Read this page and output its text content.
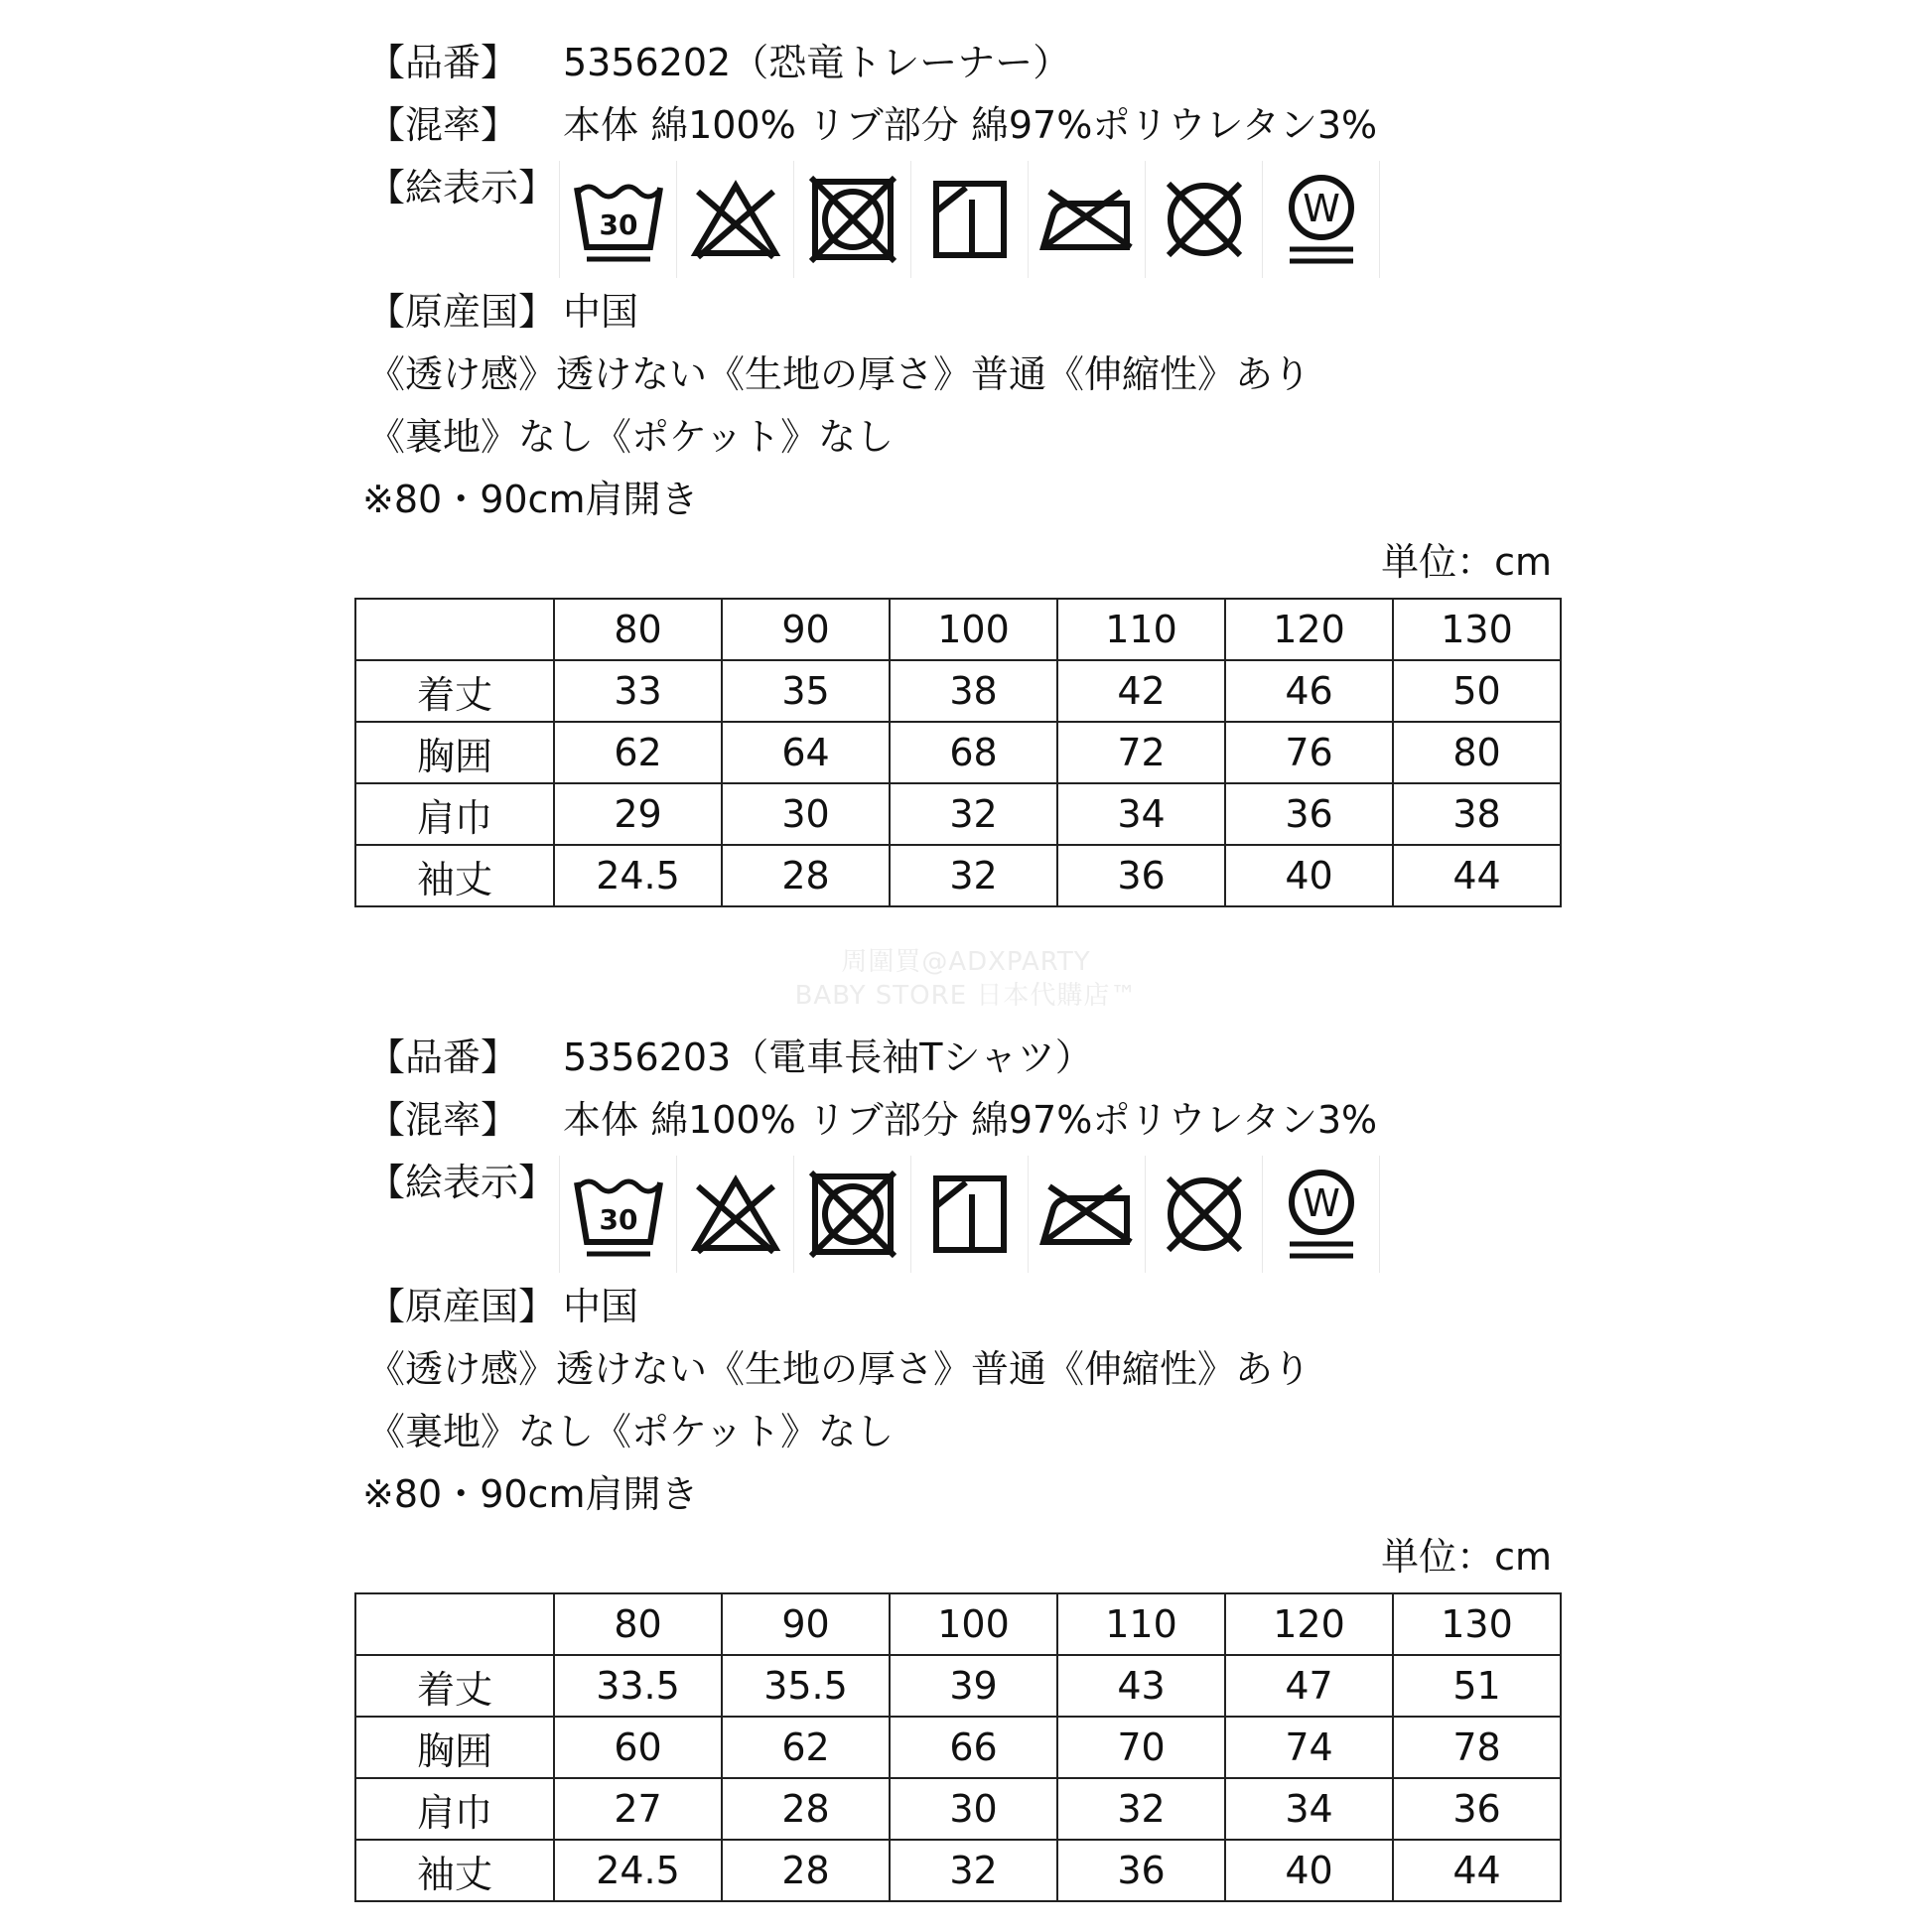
【品番】 5356202（恐竜トレーナー）
【混率】 本体 綿100% リブ部分 綿97%ポリウレタン3%
【絵表示】
30	W
【原産国】 中国
《透け感》透けない《生地の厚さ》普通《伸縮性》あり
《裏地》なし《ポケット》なし
※80・90cm肩開き
単位：cm
	80	90	100	110	120	130
着丈	33	35	38	42	46	50
胸囲	62	64	68	72	76	80
肩巾	29	30	32	34	36	38
袖丈	24.5	28	32	36	40	44
周圍買@ADXPARTY
BABY STORE 日本代購店™
【品番】 5356203（電車長袖Tシャツ）
【混率】 本体 綿100% リブ部分 綿97%ポリウレタン3%
【絵表示】
30	W
【原産国】 中国
《透け感》透けない《生地の厚さ》普通《伸縮性》あり
《裏地》なし《ポケット》なし
※80・90cm肩開き
単位：cm
	80	90	100	110	120	130
着丈	33.5	35.5	39	43	47	51
胸囲	60	62	66	70	74	78
肩巾	27	28	30	32	34	36
袖丈	24.5	28	32	36	40	44
